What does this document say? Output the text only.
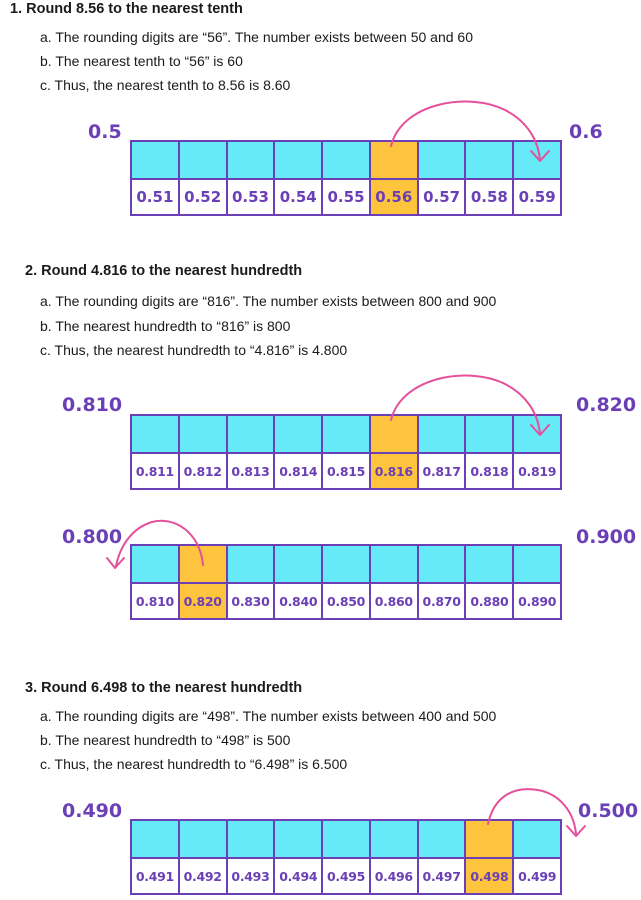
1. Round 8.56 to the nearest tenth
a. The rounding digits are “56”. The number exists between 50 and 60
b. The nearest tenth to “56” is 60
c. Thus, the nearest tenth to 8.56 is 8.60
0.5	0.6
0.51 0.52 0.53 0.54 0.55 0.56 0.57 0.58 0.59
2. Round 4.816 to the nearest hundredth
a. The rounding digits are “816”. The number exists between 800 and 900
b. The nearest hundredth to “816” is 800
c. Thus, the nearest hundredth to “4.816” is 4.800
0.810	0.820
0.811 0.812 0.813 0.814 0.815 0.816 0.817 0.818 0.819
0.800	0.900
0.810 0.820 0.830 0.840 0.850 0.860 0.870 0.880 0.890
3. Round 6.498 to the nearest hundredth
a. The rounding digits are “498”. The number exists between 400 and 500
b. The nearest hundredth to “498” is 500
c. Thus, the nearest hundredth to “6.498” is 6.500
0.490	0.500
0.491 0.492 0.493 0.494 0.495 0.496 0.497 0.498 0.499
